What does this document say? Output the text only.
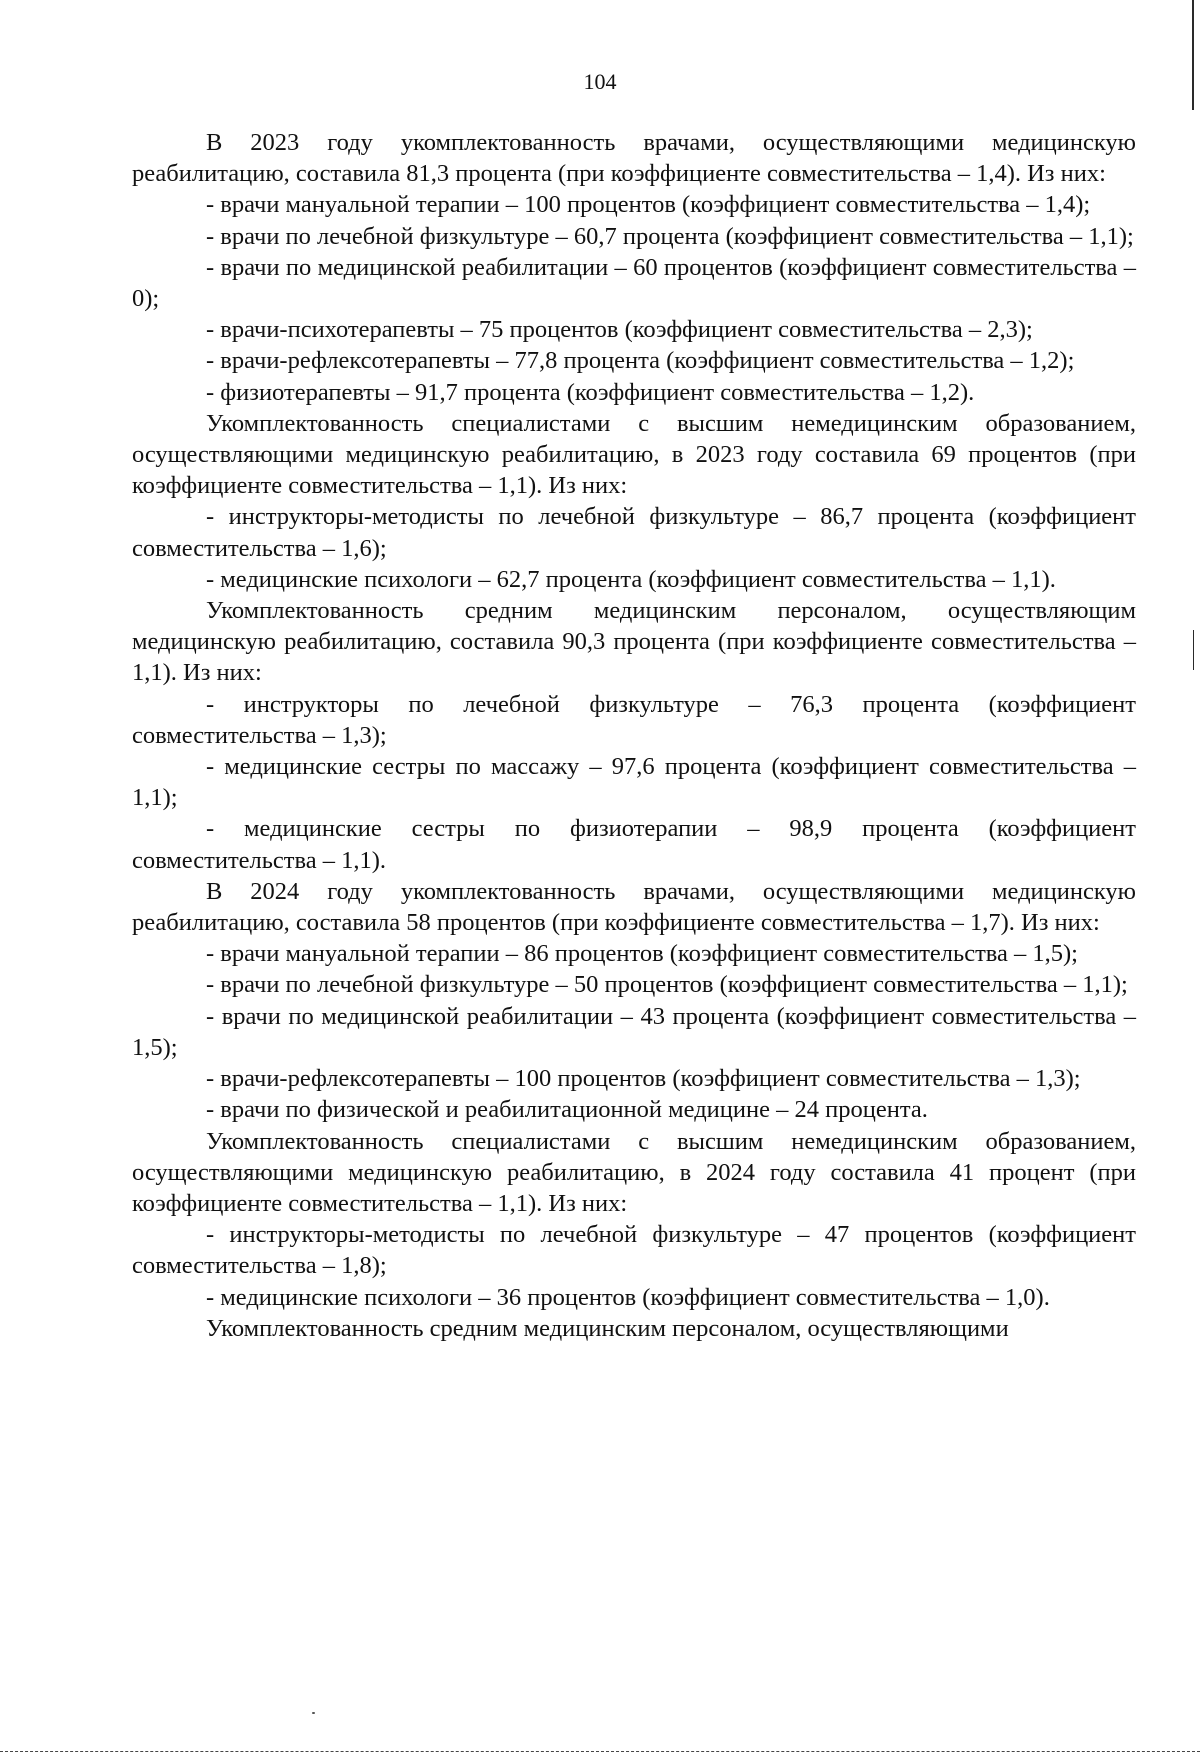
104

В 2023 году укомплектованность врачами, осуществляющими медицинскую реабилитацию, составила 81,3 процента (при коэффициенте совместительства – 1,4). Из них:

- врачи мануальной терапии – 100 процентов (коэффициент совместительства – 1,4);

- врачи по лечебной физкультуре – 60,7 процента (коэффициент совместительства – 1,1);

- врачи по медицинской реабилитации – 60 процентов (коэффициент совместительства – 0);

- врачи-психотерапевты – 75 процентов (коэффициент совместительства – 2,3);

- врачи-рефлексотерапевты – 77,8 процента (коэффициент совместительства – 1,2);

- физиотерапевты – 91,7 процента (коэффициент совместительства – 1,2).

Укомплектованность специалистами с высшим немедицинским образованием, осуществляющими медицинскую реабилитацию, в 2023 году составила 69 процентов (при коэффициенте совместительства – 1,1). Из них:

- инструкторы-методисты по лечебной физкультуре – 86,7 процента (коэффициент совместительства – 1,6);

- медицинские психологи – 62,7 процента (коэффициент совместительства – 1,1).

Укомплектованность средним медицинским персоналом, осуществляющим медицинскую реабилитацию, составила 90,3 процента (при коэффициенте совместительства – 1,1). Из них:

- инструкторы по лечебной физкультуре – 76,3 процента (коэффициент совместительства – 1,3);

- медицинские сестры по массажу – 97,6 процента (коэффициент совместительства – 1,1);

- медицинские сестры по физиотерапии – 98,9 процента (коэффициент совместительства – 1,1).

В 2024 году укомплектованность врачами, осуществляющими медицинскую реабилитацию, составила 58 процентов (при коэффициенте совместительства – 1,7). Из них:

- врачи мануальной терапии – 86 процентов (коэффициент совместительства – 1,5);

- врачи по лечебной физкультуре – 50 процентов (коэффициент совместительства – 1,1);

- врачи по медицинской реабилитации – 43 процента (коэффициент совместительства – 1,5);

- врачи-рефлексотерапевты – 100 процентов (коэффициент совместительства – 1,3);

- врачи по физической и реабилитационной медицине – 24 процента.

Укомплектованность специалистами с высшим немедицинским образованием, осуществляющими медицинскую реабилитацию, в 2024 году составила 41 процент (при коэффициенте совместительства – 1,1). Из них:

- инструкторы-методисты по лечебной физкультуре – 47 процентов (коэффициент совместительства – 1,8);

- медицинские психологи – 36 процентов (коэффициент совместительства – 1,0).

Укомплектованность средним медицинским персоналом, осуществляющими
